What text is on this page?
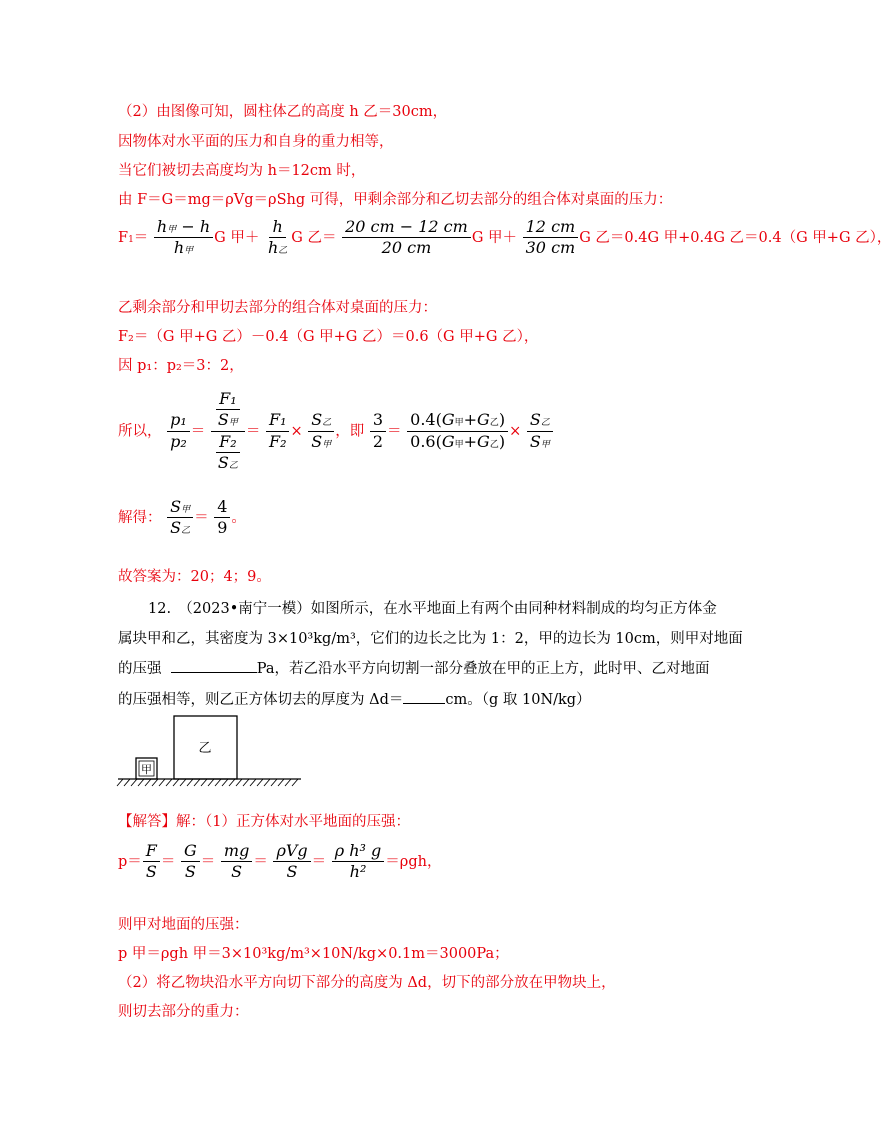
（2）由图像可知，圆柱体乙的高度 h 乙＝30cm，
因物体对水平面的压力和自身的重力相等，
当它们被切去高度均为 h＝12cm 时，
由 F＝G＝mg＝ρVg＝ρShg 可得，甲剩余部分和乙切去部分的组合体对桌面的压力：
$F1= \frac{\text{h甲 − h}}{\text{h甲}}$ G 甲＋ $\frac{h}{\text{h乙}}$ G 乙＝ $\frac{20 cm - 12 cm}{20 cm}$ G 甲＋ $\frac{12 cm}{30 cm}$ G 乙＝0.4G 甲+0.4G 乙＝0.4（G 甲+G 乙），
乙剩余部分和甲切去部分的组合体对桌面的压力：
F₂＝（G 甲+G 乙）－0.4（G 甲+G 乙）＝0.6（G 甲+G 乙），
因 p₁：p₂＝3：2，
所以， $\frac{\text{p₁}}{\text{p₂}} = \frac{\frac{\text{F₁}}{\text{S甲}}}{\frac{\text{F₂}}{\text{S乙}}} = \frac{\text{F₁}}{\text{F₂}} \times \frac{\text{S乙}}{\text{S甲}}$ ，即 $\frac{3}{2} = \frac{\text{0.4(G甲+G乙)}}{\text{0.6(G甲+G乙)}} \times \frac{\text{S乙}}{\text{S甲}}$
解得： $\frac{\text{S甲}}{\text{S乙}} = \frac{4}{9}$ 。
故答案为：20；4；9。
12.　（2023•南宁一模）如图所示，在水平地面上有两个由同种材料制成的均匀正方体金
属块甲和乙，其密度为 3×10³kg/m³，它们的边长之比为 1：2，甲的边长为 10cm，则甲对地面
的压强	Pa，若乙沿水平方向切割一部分叠放在甲的正上方，此时甲、乙对地面
的压强相等，则乙正方体切去的厚度为 Δd＝	cm。（g 取 10N/kg）
甲
乙
【解答】解：（1）正方体对水平地面的压强：
$p= \frac{F}{S} = \frac{G}{S} = \frac{mg}{S} = \frac{\text{ρVg}}{S} = \frac{\text{ρ h³ g}}{\text{h²}} =\rho gh$，
则甲对地面的压强：
p 甲＝ρgh 甲＝3×10³kg/m³×10N/kg×0.1m＝3000Pa；
（2）将乙物块沿水平方向切下部分的高度为 Δd，切下的部分放在甲物块上，
则切去部分的重力：
